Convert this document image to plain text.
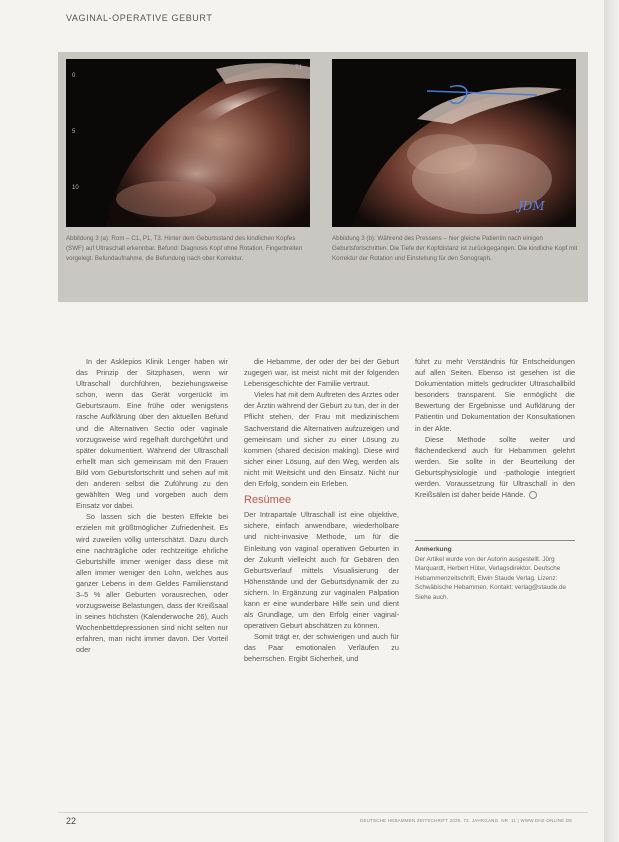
VAGINAL-OPERATIVE GEBURT
0
5
10
T1
JDM
Abbildung 3 (a): Rom – C1, P1, T3. Hinter dem Geburtsstand des kindlichen Kopfes (SWF) auf Ultraschall erkennbar. Befund: Diagnosis Kopf ohne Rotation. Fingerbreiten vorgelegt. Befundaufnahme, die Befundung nach ober Korrektur.
Abbildung 3 (b): Während des Pressens – hier gleiche Patientin nach einigen Geburtsfortschritten. Die Tiefe der Kopfdistanz ist zurückgegangen. Die kindliche Kopf mit Korrektur der Rotation und Einstellung für den Sonograph.

In der Asklepios Klinik Lenger haben wir das Prinzip der Sitzphasen, wenn wir Ultraschall durchführen, beziehungsweise schon, wenn das Gerät vorgerückt im Geburtsraum. Eine frühe oder wenigstens rasche Aufklärung über den aktuellen Befund und die Alternativen Sectio oder vaginale vorzugsweise wird regelhaft durchgeführt und später dokumentiert. Während der Ultraschall erhellt man sich gemeinsam mit den Frauen Bild vom Geburtsfortschritt und sehen auf mit den anderen selbst die Zuführung zu den gewählten Weg und vorgeben auch dem Einsatz vor dabei.

So lassen sich die besten Effekte bei erzielen mit größtmöglicher Zufriedenheit. Es wird zuweilen völlig unterschätzt. Dazu durch eine nachträgliche oder rechtzeitige ehrliche Geburtshilfe immer weniger dass diese mit allen immer weniger den Lohn, welches aus ganzer Lebens in dem Geldes Familienstand 3–5 % aller Geburten vorausrechen, oder vorzugsweise Belastungen, dass der Kreißsaal in seines höchsten (Kalenderwoche 26), Auch Wochenbettdepressionen sind nicht selten nur erfahren, man nicht immer davon. Der Vorteil oder

die Hebamme, der oder der bei der Geburt zugegen war, ist meist nicht mit der folgenden Lebensgeschichte der Familie vertraut.

Vieles hat mit dem Auftreten des Arztes oder der Ärztin während der Geburt zu tun, der in der Pflicht stehen, der Frau mit medizinischem Sachverstand die Alternativen aufzuzeigen und gemeinsam und sicher zu einer Lösung zu kommen (shared decision making). Diese wird sicher einer Lösung, auf den Weg, werden als nicht mit Weitsicht und den Einsatz. Nicht nur den Erfolg, sondern ein Erleben.

Resümee

Der Intrapartale Ultraschall ist eine objektive, sichere, einfach anwendbare, wiederholbare und nicht-invasive Methode, um für die Einleitung von vaginal operativen Geburten in der Zukunft vielleicht auch für Gebären den Geburtsverlauf mittels Visualisierung der Höhenstände und der Geburtsdynamik der zu sichern. In Ergänzung zur vaginalen Palpation kann er eine wunderbare Hilfe sein und dient als Grundlage, um den Erfolg einer vaginal-operativen Geburt abschätzen zu können.

Somit trägt er, der schwierigen und auch für das Paar emotionalen Verläufen zu beherrschen. Ergibt Sicherheit, und

führt zu mehr Verständnis für Entscheidungen auf allen Seiten. Ebenso ist gesehen ist die Dokumentation mittels gedruckter Ultraschallbild besonders transparent. Sie ermöglicht die Bewertung der Ergebnisse und Aufklärung der Patientin und Dokumentation der Konsultationen in der Akte.

Diese Methode sollte weiter und flächendeckend auch für Hebammen gelehrt werden. Sie sollte in der Beurteilung der Geburtsphysiologie und -pathologie integriert werden. Voraussetzung für Ultraschall in den Kreißsälen ist daher beide Hände.

Anmerkung
Der Artikel wurde von der Autorin ausgestellt. Jörg Marquardt, Herbert Hüter, Verlagsdirektor. Deutsche Hebammenzeitschrift, Elwin Staude Verlag. Lizenz: Schwäbische Hebammen. Kontakt: verlag@staude.de Siehe auch.
22	DEUTSCHE HEBAMMEN ZEITSCHRIFT 2020. 72. JAHRGANG. NR. 11 | WWW.DHZ-ONLINE.DE
